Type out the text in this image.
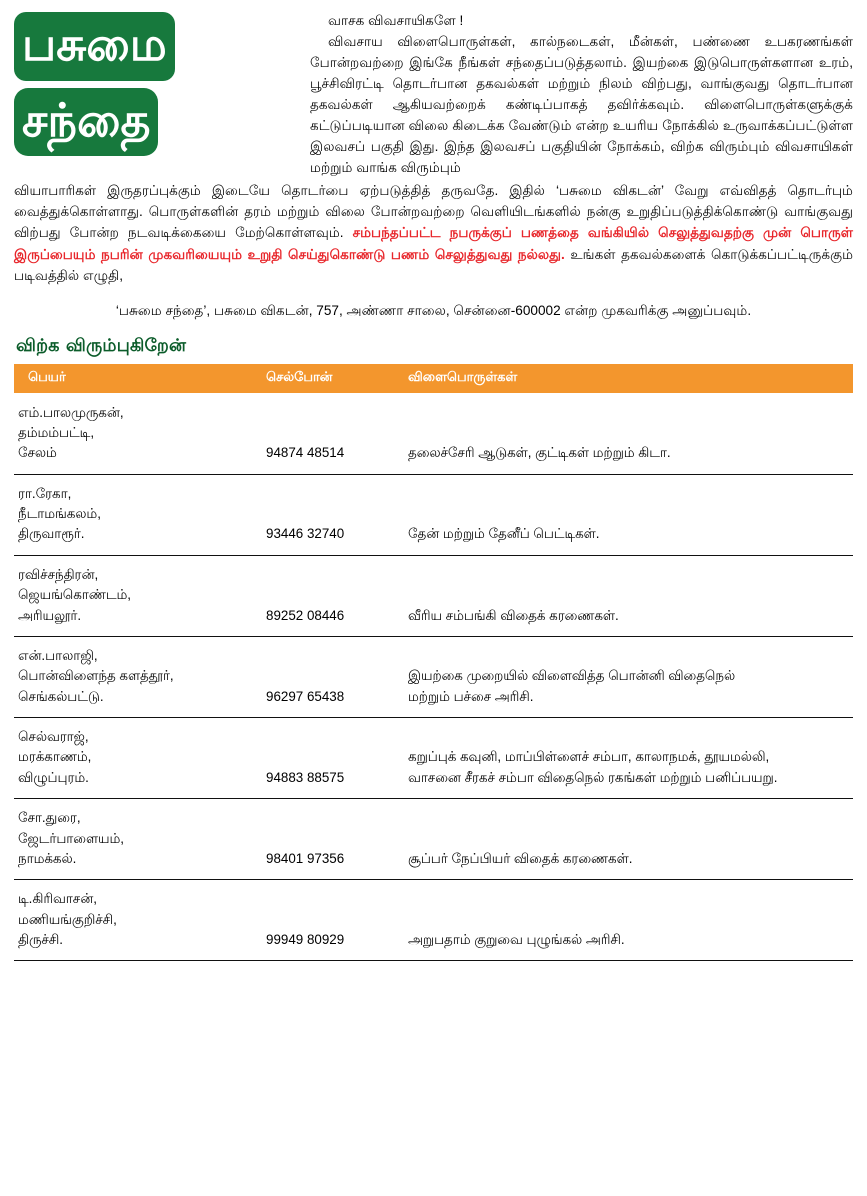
பசுமை
சந்தை
வாசக விவசாயிகளே !
விவசாய விளைபொருள்கள், கால்நடைகள், மீன்கள், பண்ணை உபகரணங்கள் போன்றவற்றை இங்கே நீங்கள் சந்தைப்படுத்தலாம். இயற்கை இடுபொருள்களான உரம், பூச்சிவிரட்டி தொடர்பான தகவல்கள் மற்றும் நிலம் விற்பது, வாங்குவது தொடர்பான தகவல்கள் ஆகியவற்றைக் கண்டிப்பாகத் தவிர்க்கவும். விளைபொருள்களுக்குக் கட்டுப்படியான விலை கிடைக்க வேண்டும் என்ற உயரிய நோக்கில் உருவாக்கப்பட்டுள்ள இலவசப் பகுதி இது. இந்த இலவசப் பகுதியின் நோக்கம், விற்க விரும்பும் விவசாயிகள் மற்றும் வாங்க விரும்பும்

வியாபாரிகள் இருதரப்புக்கும் இடையே தொடர்பை ஏற்படுத்தித் தருவதே. இதில் ‘பசுமை விகடன்’ வேறு எவ்விதத் தொடர்பும் வைத்துக்கொள்ளாது. பொருள்களின் தரம் மற்றும் விலை போன்றவற்றை வெளியிடங்களில் நன்கு உறுதிப்படுத்திக்கொண்டு வாங்குவது விற்பது போன்ற நடவடிக்கையை மேற்கொள்ளவும். சம்பந்தப்பட்ட நபருக்குப் பணத்தை வங்கியில் செலுத்துவதற்கு முன் பொருள் இருப்பையும் நபரின் முகவரியையும் உறுதி செய்துகொண்டு பணம் செலுத்துவது நல்லது. உங்கள் தகவல்களைக் கொடுக்கப்பட்டிருக்கும் படிவத்தில் எழுதி,

‘பசுமை சந்தை’, பசுமை விகடன், 757, அண்ணா சாலை, சென்னை-600002 என்ற முகவரிக்கு அனுப்பவும்.

விற்க விரும்புகிறேன்
பெயர்	செல்போன்	விளைபொருள்கள்

எம்.பாலமுருகன்,
தம்மம்பட்டி,
சேலம்	94874 48514	தலைச்சேரி ஆடுகள், குட்டிகள் மற்றும் கிடா.

ரா.ரேகா,
நீடாமங்கலம்,
திருவாரூர்.	93446 32740	தேன் மற்றும் தேனீப் பெட்டிகள்.

ரவிச்சந்திரன்,
ஜெயங்கொண்டம்,
அரியலூர்.	89252 08446	வீரிய சம்பங்கி விதைக் கரணைகள்.

என்.பாலாஜி,
பொன்விளைந்த களத்தூர்,
செங்கல்பட்டு.	96297 65438	இயற்கை முறையில் விளைவித்த பொன்னி விதைநெல்
மற்றும் பச்சை அரிசி.

செல்வராஜ்,
மரக்காணம்,
விழுப்புரம்.	94883 88575	கறுப்புக் கவுனி, மாப்பிள்ளைச் சம்பா, காலாநமக், தூயமல்லி,
வாசனை சீரகச் சம்பா விதைநெல் ரகங்கள் மற்றும் பனிப்பயறு.

சோ.துரை,
ஜேடர்பாளையம்,
நாமக்கல்.	98401 97356	சூப்பர் நேப்பியர் விதைக் கரணைகள்.

டி.கிரிவாசன்,
மணியங்குறிச்சி,
திருச்சி.	99949 80929	அறுபதாம் குறுவை புழுங்கல் அரிசி.
